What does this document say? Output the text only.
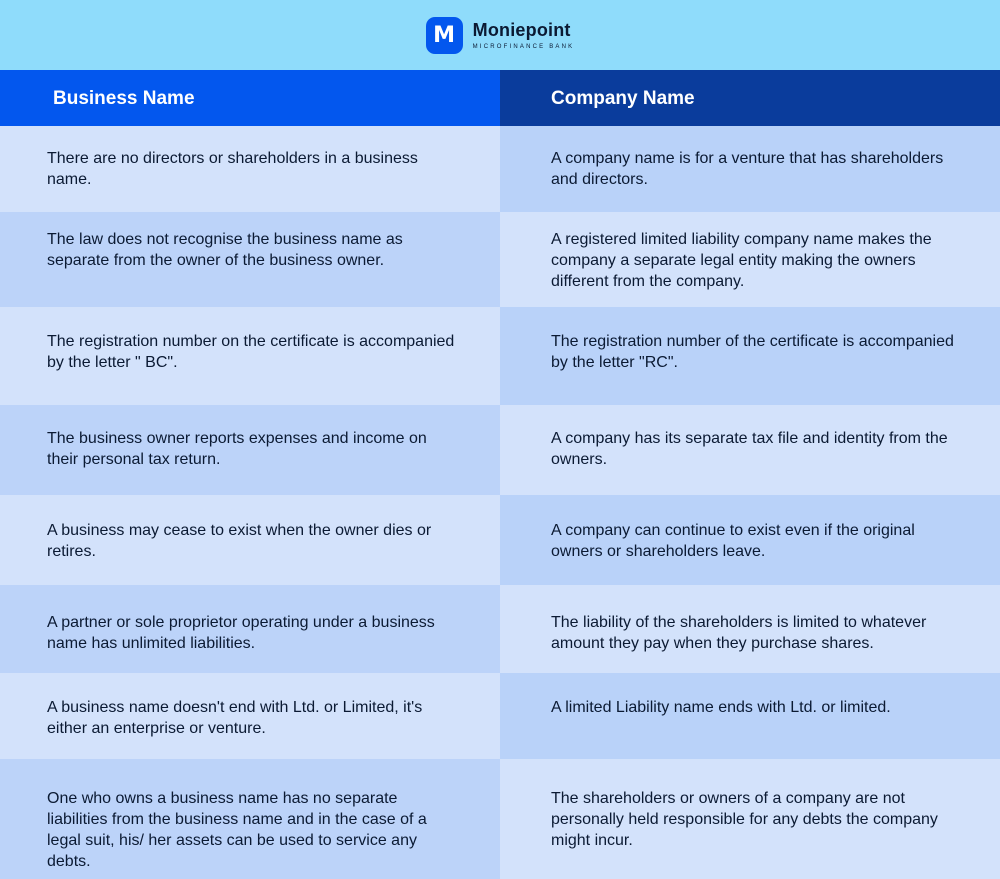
M Moniepoint
MICROFINANCE BANK
Business Name	Company Name
There are no directors or shareholders in a business name.
A company name is for a venture that has shareholders and directors.
The law does not recognise the business name as separate from the owner of the business owner.
A registered limited liability company name makes the company a separate legal entity making the owners different from the company.
The registration number on the certificate is accompanied by the letter " BC".
The registration number of the certificate is accompanied by the letter "RC".
The business owner reports expenses and income on their personal tax return.
A company has its separate tax file and identity from the owners.
A business may cease to exist when the owner dies or retires.
A company can continue to exist even if the original owners or shareholders leave.
A partner or sole proprietor operating under a business name has unlimited liabilities.
The liability of the shareholders is limited to whatever amount they pay when they purchase shares.
A business name doesn't end with Ltd. or Limited, it's either an enterprise or venture.
A limited Liability name ends with Ltd. or limited.
One who owns a business name has no separate liabilities from the business name and in the case of a legal suit, his/ her assets can be used to service any debts.
The shareholders or owners of a company are not personally held responsible for any debts the company might incur.
